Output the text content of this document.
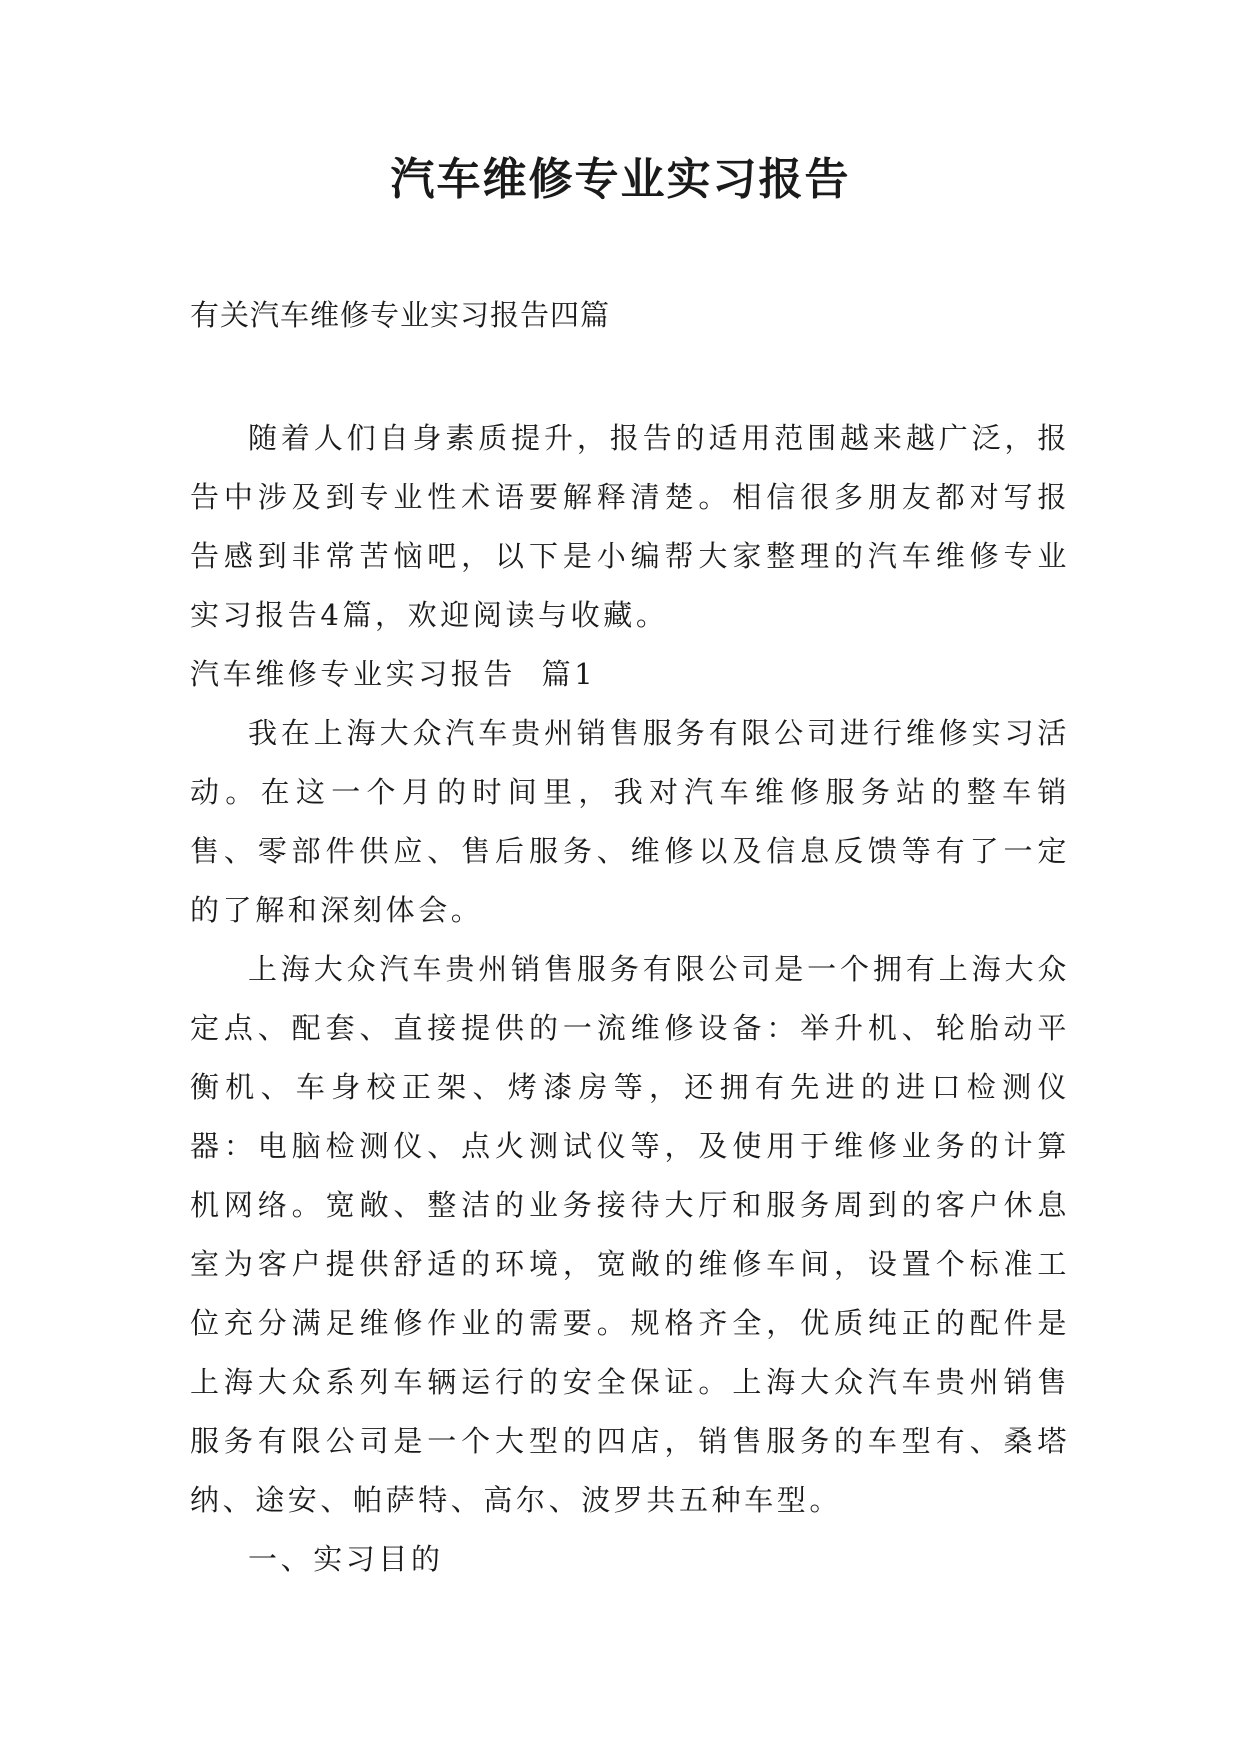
汽车维修专业实习报告

有关汽车维修专业实习报告四篇

随着人们自身素质提升，报告的适用范围越来越广泛，报告中涉及到专业性术语要解释清楚。相信很多朋友都对写报告感到非常苦恼吧，以下是小编帮大家整理的汽车维修专业实习报告4篇，欢迎阅读与收藏。

汽车维修专业实习报告  篇1

我在上海大众汽车贵州销售服务有限公司进行维修实习活动。在这一个月的时间里，我对汽车维修服务站的整车销售、零部件供应、售后服务、维修以及信息反馈等有了一定的了解和深刻体会。

上海大众汽车贵州销售服务有限公司是一个拥有上海大众定点、配套、直接提供的一流维修设备：举升机、轮胎动平衡机、车身校正架、烤漆房等，还拥有先进的进口检测仪器：电脑检测仪、点火测试仪等，及使用于维修业务的计算机网络。宽敞、整洁的业务接待大厅和服务周到的客户休息室为客户提供舒适的环境，宽敞的维修车间，设置个标准工位充分满足维修作业的需要。规格齐全，优质纯正的配件是上海大众系列车辆运行的安全保证。上海大众汽车贵州销售服务有限公司是一个大型的四店，销售服务的车型有、桑塔纳、途安、帕萨特、高尔、波罗共五种车型。

一、实习目的
